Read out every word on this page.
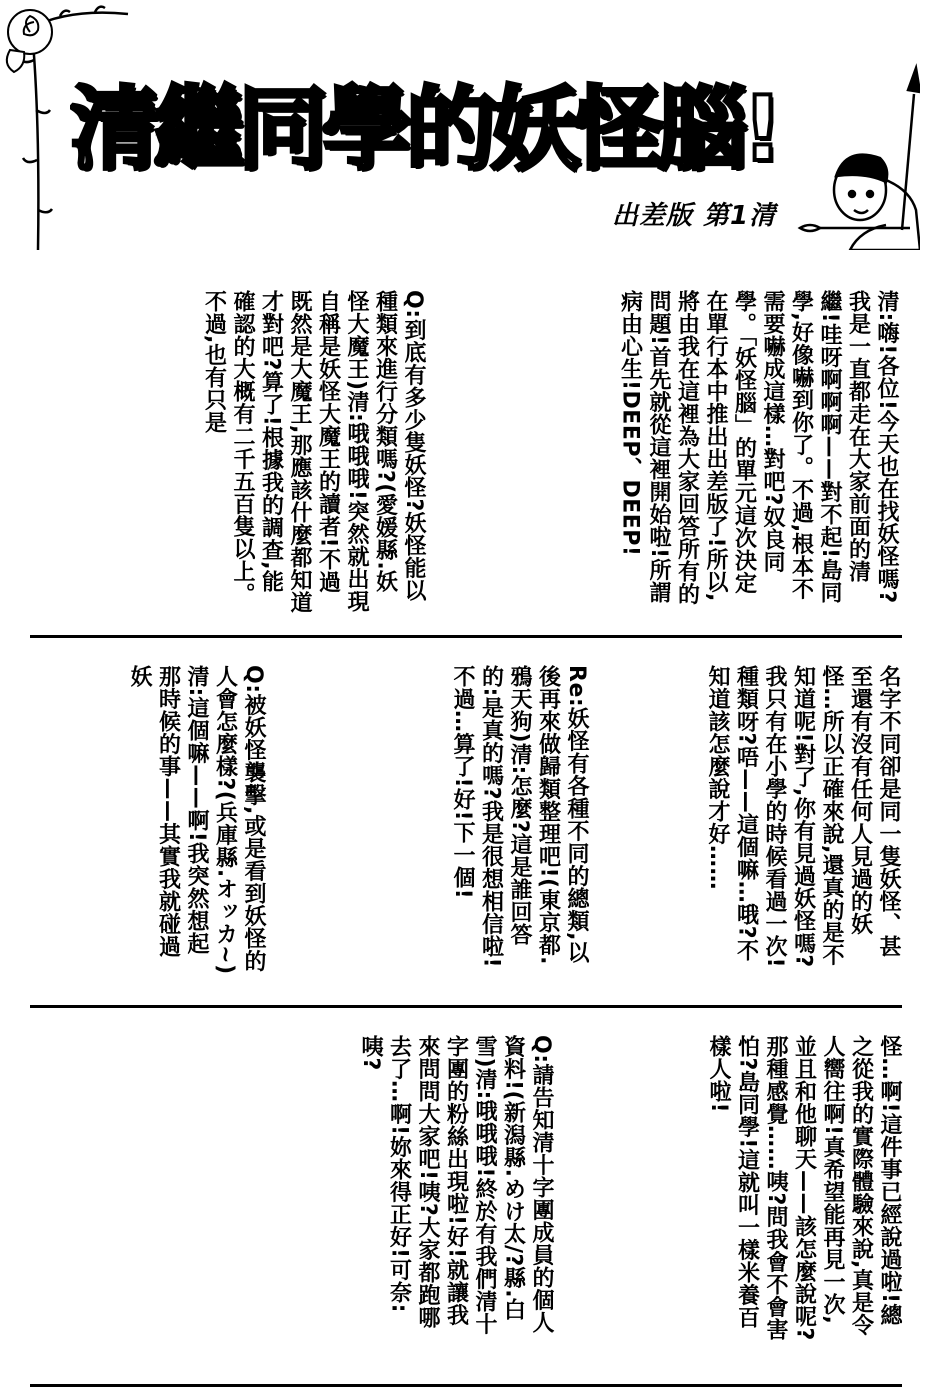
清繼同學的妖怪腦!
出差版 第1清
清:嗨!各位!今天也在找妖怪嗎?我是一直都走在大家前面的清繼!哇呀啊啊啊——對不起!島同學,好像嚇到你了。不過,根本不需要嚇成這樣…對吧?奴良同學。「妖怪腦」的單元這次決定在單行本中推出出差版了!所以,將由我在這裡為大家回答所有的問題!首先就從這裡開始啦!所謂病由心生!DEEP、DEEP!
Q:到底有多少隻妖怪?妖怪能以種類來進行分類嗎?(愛媛縣.妖怪大魔王)清:哦哦哦!突然就出現自稱是妖怪大魔王的讀者!不過既然是大魔王,那應該什麼都知道才對吧?算了!根據我的調查,能確認的大概有二千五百隻以上。不過,也有只是
名字不同卻是同一隻妖怪、甚至還有沒有任何人見過的妖怪…所以正確來說,還真的是不知道呢!對了,你有見過妖怪嗎?我只有在小學的時候看過一次!種類呀?唔——這個嘛…哦?不知道該怎麼說才好……
Re:妖怪有各種不同的總類,以後再來做歸類整理吧!(東京都.鴉天狗)清:怎麼?這是誰回答的:是真的嗎?我是很想相信啦!不過…算了!好!下一個!
Q:被妖怪襲擊,或是看到妖怪的人會怎麼樣?(兵庫縣.オッカ~)清:這個嘛——啊!我突然想起那時候的事——其實我就碰過妖
怪…啊!這件事已經說過啦!總之從我的實際體驗來說,真是令人嚮往啊!真希望能再見一次,並且和他聊天——該怎麼說呢?那種感覺……咦?問我會不會害怕?島同學!這就叫一樣米養百樣人啦!
Q:請告知清十字團成員的個人資料!(新潟縣.めけ太/?縣.白雪)清:哦哦哦!終於有我們清十字團的粉絲出現啦!好!就讓我來問問大家吧!咦?大家都跑哪去了…啊!妳來得正好!可奈:咦?
